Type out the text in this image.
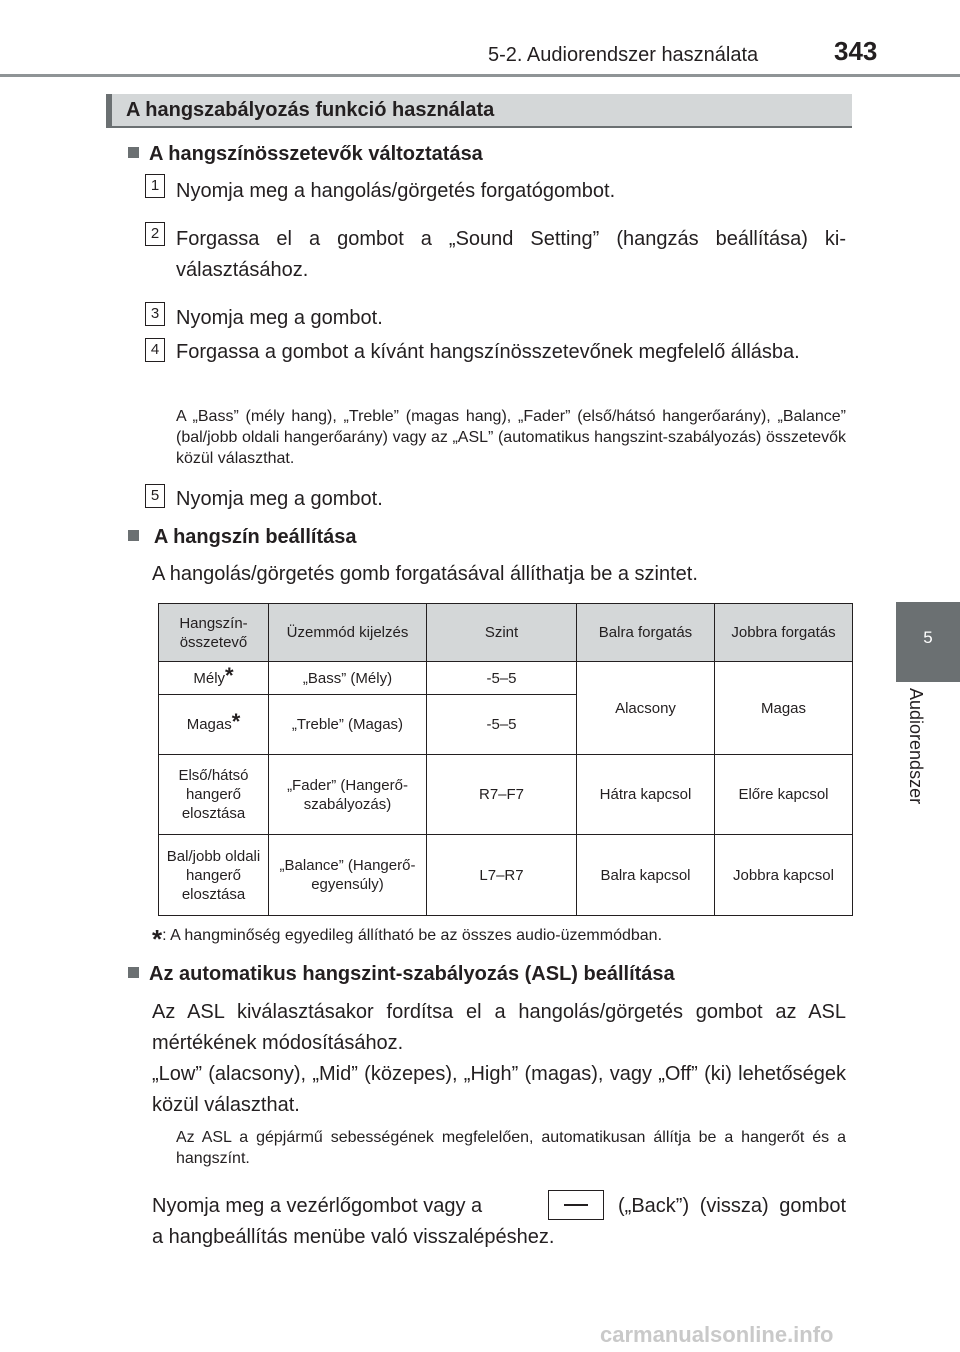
5-2. Audiorendszer használata	343
5
Audiorendszer
A hangszabályozás funkció használata
A hangszínösszetevők változtatása
1 Nyomja meg a hangolás/görgetés forgatógombot.
2 Forgassa el a gombot a „Sound Setting” (hangzás beállítása) kiválasztásához.
3 Nyomja meg a gombot.
4 Forgassa a gombot a kívánt hangszínösszetevőnek megfelelő állásba.
A „Bass” (mély hang), „Treble” (magas hang), „Fader” (első/hátsó hangerőarány), „Balance” (bal/jobb oldali hangerőarány) vagy az „ASL” (automatikus hangszint-szabályozás) összetevők közül választhat.
5 Nyomja meg a gombot.
A hangszín beállítása
A hangolás/görgetés gomb forgatásával állíthatja be a szintet.
Hangszín-összetevő	Üzemmód kijelzés	Szint	Balra forgatás	Jobbra forgatás
Mély*	„Bass” (Mély)	-5–5	Alacsony	Magas
Magas*	„Treble” (Magas)	-5–5		
Első/hátsó hangerő elosztása	„Fader” (Hangerő-szabályozás)	R7–F7	Hátra kapcsol	Előre kapcsol
Bal/jobb oldali hangerő elosztása	„Balance” (Hangerő-egyensúly)	L7–R7	Balra kapcsol	Jobbra kapcsol
*: A hangminőség egyedileg állítható be az összes audio-üzemmódban.
Az automatikus hangszint-szabályozás (ASL) beállítása
Az ASL kiválasztásakor fordítsa el a hangolás/görgetés gombot az ASL mértékének módosításához.
„Low” (alacsony), „Mid” (közepes), „High” (magas), vagy „Off” (ki) lehetőségek közül választhat.
Az ASL a gépjármű sebességének megfelelően, automatikusan állítja be a hangerőt és a hangszínt.
Nyomja meg a vezérlőgombot vagy a	(„Back”) (vissza) gombot a hangbeállítás menübe való visszalépéshez.
carmanualsonline.info
